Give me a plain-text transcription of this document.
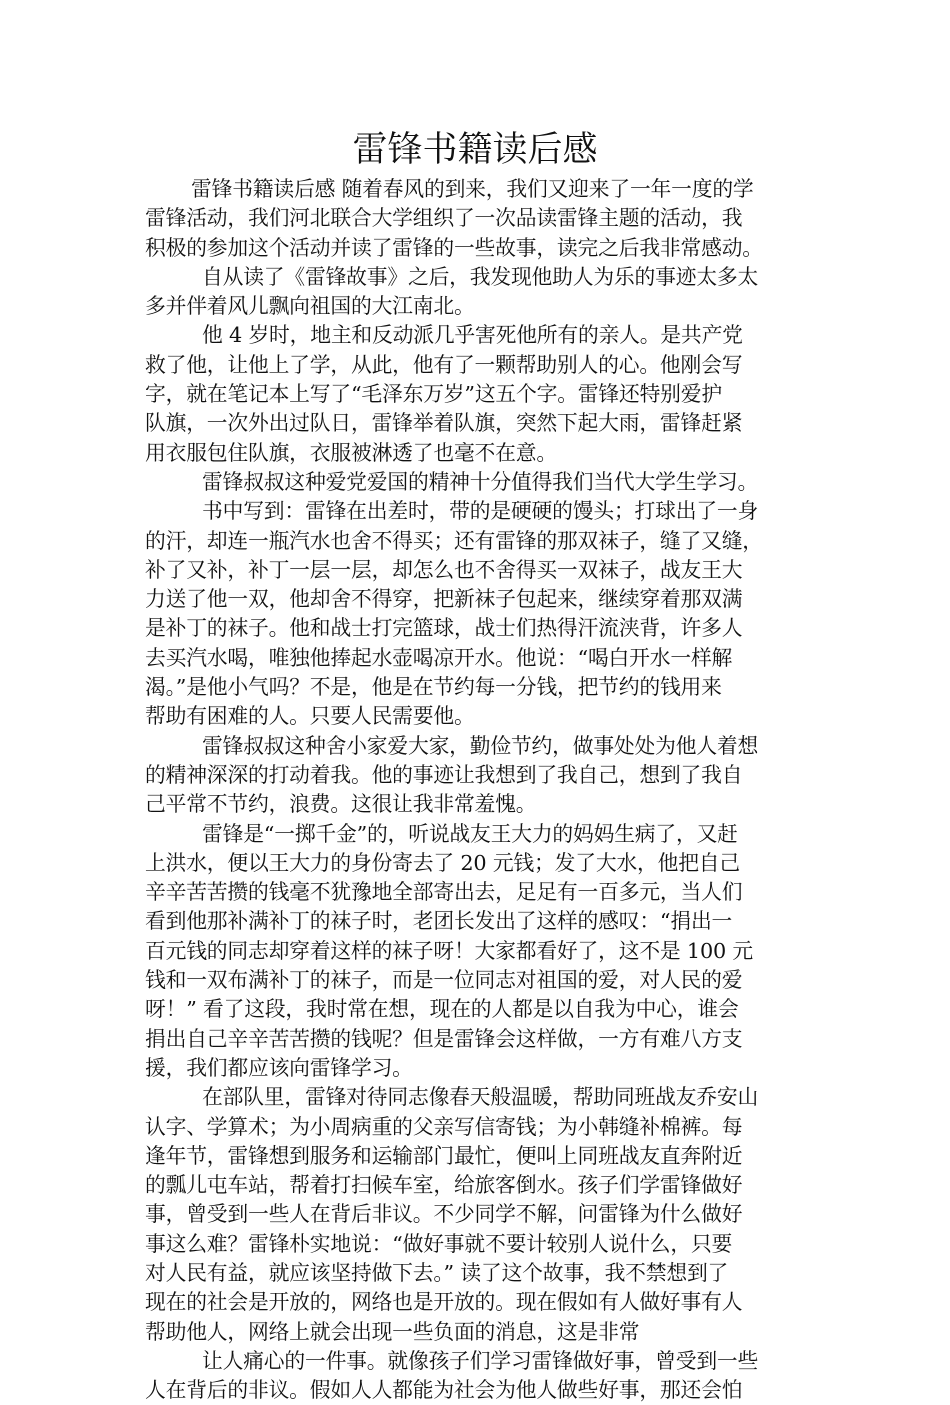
雷锋书籍读后感
雷锋书籍读后感 随着春风的到来，我们又迎来了一年一度的学
雷锋活动，我们河北联合大学组织了一次品读雷锋主题的活动，我
积极的参加这个活动并读了雷锋的一些故事，读完之后我非常感动。
自从读了《雷锋故事》之后，我发现他助人为乐的事迹太多太
多并伴着风儿飘向祖国的大江南北。
他 4 岁时，地主和反动派几乎害死他所有的亲人。是共产党
救了他，让他上了学，从此，他有了一颗帮助别人的心。他刚会写
字，就在笔记本上写了“毛泽东万岁”这五个字。雷锋还特别爱护
队旗，一次外出过队日，雷锋举着队旗，突然下起大雨，雷锋赶紧
用衣服包住队旗，衣服被淋透了也毫不在意。
雷锋叔叔这种爱党爱国的精神十分值得我们当代大学生学习。
书中写到：雷锋在出差时，带的是硬硬的馒头；打球出了一身
的汗，却连一瓶汽水也舍不得买；还有雷锋的那双袜子，缝了又缝，
补了又补，补丁一层一层，却怎么也不舍得买一双袜子，战友王大
力送了他一双，他却舍不得穿，把新袜子包起来，继续穿着那双满
是补丁的袜子。他和战士打完篮球，战士们热得汗流浃背，许多人
去买汽水喝，唯独他捧起水壶喝凉开水。他说：“喝白开水一样解
渴。”是他小气吗？不是，他是在节约每一分钱，把节约的钱用来
帮助有困难的人。只要人民需要他。
雷锋叔叔这种舍小家爱大家，勤俭节约，做事处处为他人着想
的精神深深的打动着我。他的事迹让我想到了我自己，想到了我自
己平常不节约，浪费。这很让我非常羞愧。
雷锋是“一掷千金”的，听说战友王大力的妈妈生病了，又赶
上洪水，便以王大力的身份寄去了 20 元钱；发了大水，他把自己
辛辛苦苦攒的钱毫不犹豫地全部寄出去，足足有一百多元，当人们
看到他那补满补丁的袜子时，老团长发出了这样的感叹：“捐出一
百元钱的同志却穿着这样的袜子呀！大家都看好了，这不是 100 元
钱和一双布满补丁的袜子，而是一位同志对祖国的爱，对人民的爱
呀！” 看了这段，我时常在想，现在的人都是以自我为中心，谁会
捐出自己辛辛苦苦攒的钱呢？但是雷锋会这样做，一方有难八方支
援，我们都应该向雷锋学习。
在部队里，雷锋对待同志像春天般温暖，帮助同班战友乔安山
认字、学算术；为小周病重的父亲写信寄钱；为小韩缝补棉裤。每
逢年节，雷锋想到服务和运输部门最忙，便叫上同班战友直奔附近
的瓢儿屯车站，帮着打扫候车室，给旅客倒水。孩子们学雷锋做好
事，曾受到一些人在背后非议。不少同学不解，问雷锋为什么做好
事这么难？雷锋朴实地说：“做好事就不要计较别人说什么，只要
对人民有益，就应该坚持做下去。” 读了这个故事，我不禁想到了
现在的社会是开放的，网络也是开放的。现在假如有人做好事有人
帮助他人，网络上就会出现一些负面的消息，这是非常
让人痛心的一件事。就像孩子们学习雷锋做好事，曾受到一些
人在背后的非议。假如人人都能为社会为他人做些好事，那还会怕
